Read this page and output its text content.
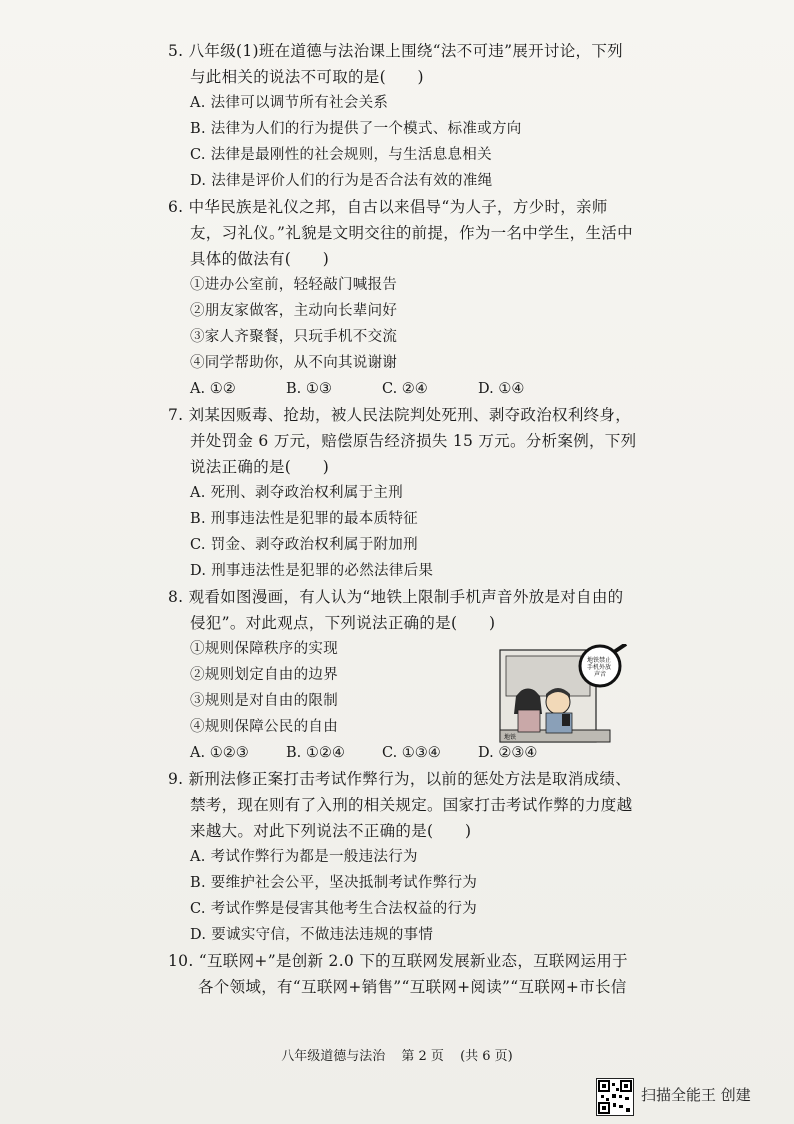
5. 八年级(1)班在道德与法治课上围绕“法不可违”展开讨论，下列与此相关的说法不可取的是(　　)

A. 法律可以调节所有社会关系
B. 法律为人们的行为提供了一个模式、标准或方向
C. 法律是最刚性的社会规则，与生活息息相关
D. 法律是评价人们的行为是否合法有效的准绳

6. 中华民族是礼仪之邦，自古以来倡导“为人子，方少时，亲师友，习礼仪。”礼貌是文明交往的前提，作为一名中学生，生活中具体的做法有(　　)

①进办公室前，轻轻敲门喊报告
②朋友家做客，主动向长辈问好
③家人齐聚餐，只玩手机不交流
④同学帮助你，从不向其说谢谢
A. ①②	B. ①③	C. ②④	D. ①④

7. 刘某因贩毒、抢劫，被人民法院判处死刑、剥夺政治权利终身，并处罚金 6 万元，赔偿原告经济损失 15 万元。分析案例，下列说法正确的是(　　)

A. 死刑、剥夺政治权利属于主刑
B. 刑事违法性是犯罪的最本质特征
C. 罚金、剥夺政治权利属于附加刑
D. 刑事违法性是犯罪的必然法律后果

8. 观看如图漫画，有人认为“地铁上限制手机声音外放是对自由的侵犯”。对此观点，下列说法正确的是(　　)

①规则保障秩序的实现
②规则划定自由的边界
③规则是对自由的限制
④规则保障公民的自由
A. ①②③	B. ①②④	C. ①③④	D. ②③④
地铁禁止 手机外放 声音
地铁

9. 新刑法修正案打击考试作弊行为，以前的惩处方法是取消成绩、禁考，现在则有了入刑的相关规定。国家打击考试作弊的力度越来越大。对此下列说法不正确的是(　　)

A. 考试作弊行为都是一般违法行为
B. 要维护社会公平，坚决抵制考试作弊行为
C. 考试作弊是侵害其他考生合法权益的行为
D. 要诚实守信，不做违法违规的事情

10. “互联网+”是创新 2.0 下的互联网发展新业态，互联网运用于各个领域，有“互联网+销售”“互联网+阅读”“互联网+市长信

八年级道德与法治 第 2 页 (共 6 页)
扫描全能王 创建
